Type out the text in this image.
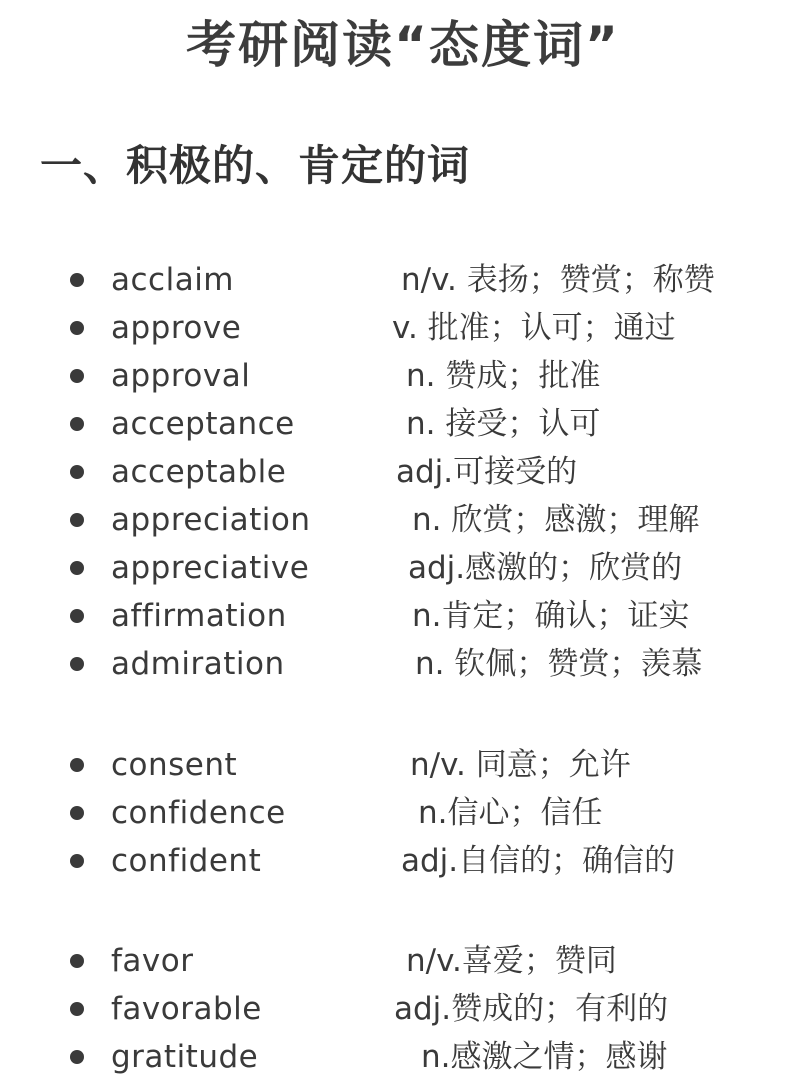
考研阅读“态度词”
一、积极的、肯定的词
acclaim	n/v. 表扬；赞赏；称赞
approve	v. 批准；认可；通过
approval	n. 赞成；批准
acceptance	n. 接受；认可
acceptable	adj.可接受的
appreciation	n. 欣赏；感激；理解
appreciative	adj.感激的；欣赏的
affirmation	n.肯定；确认；证实
admiration	n. 钦佩；赞赏；羡慕
consent	n/v. 同意；允许
confidence	n.信心；信任
confident	adj.自信的；确信的
favor	n/v.喜爱；赞同
favorable	adj.赞成的；有利的
gratitude	n.感激之情；感谢
